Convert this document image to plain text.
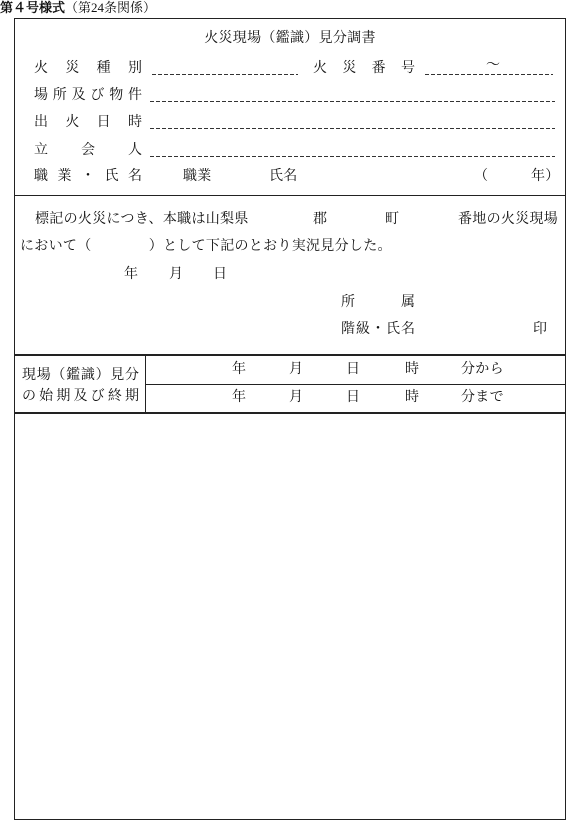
第４号様式（第24条関係）
火災現場（鑑識）見分調書
火災種別	火災番号	～
場所及び物件
出火日時
立会人
職業・氏名	職業	氏名	（	年）
標記の火災につき、本職は山梨県	郡	町	番地の火災現場
において（　　　　）として下記のとおり実況見分した。
年 月 日
所属
階級・氏名	印
現場（鑑識）見分
の始期及び終期
年	月	日	時	分から
年	月	日	時	分まで
